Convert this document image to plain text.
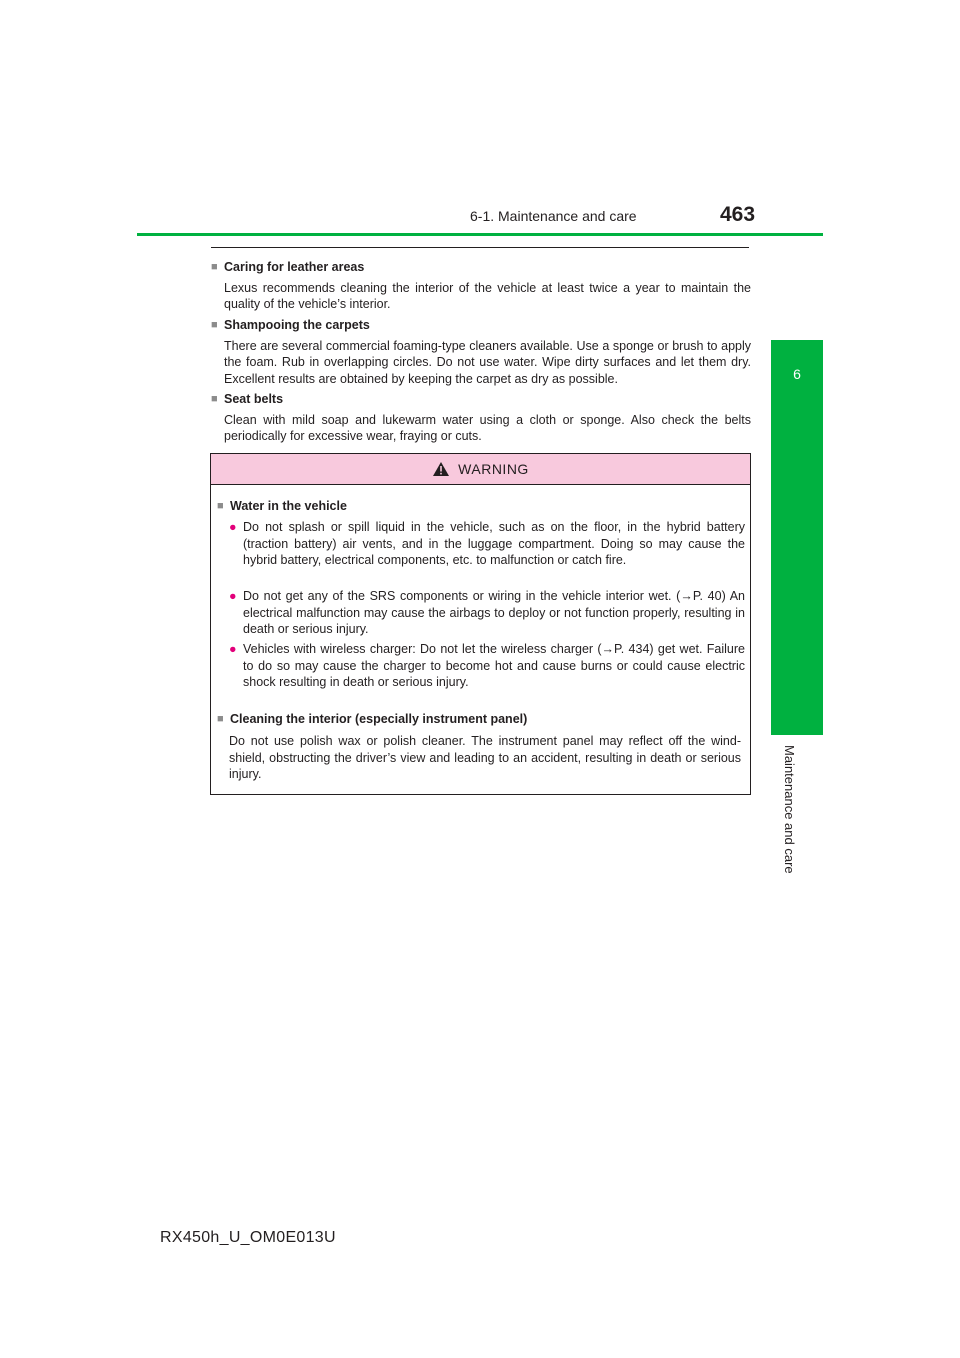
6-1. Maintenance and care	463
■ Caring for leather areas
Lexus recommends cleaning the interior of the vehicle at least twice a year to maintain the quality of the vehicle’s interior.
■ Shampooing the carpets
There are several commercial foaming-type cleaners available. Use a sponge or brush to apply the foam. Rub in overlapping circles. Do not use water. Wipe dirty surfaces and let them dry. Excellent results are obtained by keeping the carpet as dry as possible.
■ Seat belts
Clean with mild soap and lukewarm water using a cloth or sponge. Also check the belts periodically for excessive wear, fraying or cuts.
WARNING
■ Water in the vehicle
● Do not splash or spill liquid in the vehicle, such as on the floor, in the hybrid battery (traction battery) air vents, and in the luggage compartment. Doing so may cause the hybrid battery, electrical components, etc. to malfunction or catch fire.
● Do not get any of the SRS components or wiring in the vehicle interior wet. (→P. 40) An electrical malfunction may cause the airbags to deploy or not function properly, resulting in death or serious injury.
● Vehicles with wireless charger: Do not let the wireless charger (→P. 434) get wet. Failure to do so may cause the charger to become hot and cause burns or could cause electric shock resulting in death or serious injury.
■ Cleaning the interior (especially instrument panel)
Do not use polish wax or polish cleaner. The instrument panel may reflect off the wind-shield, obstructing the driver’s view and leading to an accident, resulting in death or serious injury.
6
Maintenance and care
RX450h_U_OM0E013U
